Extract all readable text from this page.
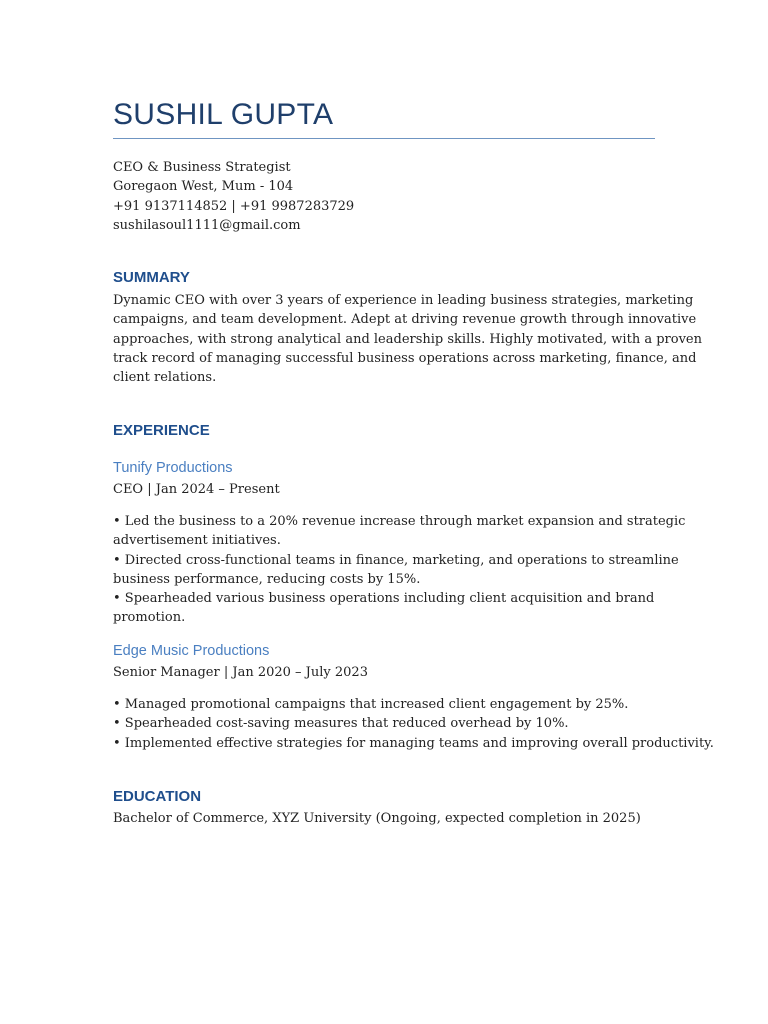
SUSHIL GUPTA
CEO & Business Strategist
Goregaon West, Mum - 104
+91 9137114852 | +91 9987283729
sushilasoul1111@gmail.com
SUMMARY
Dynamic CEO with over 3 years of experience in leading business strategies, marketing
campaigns, and team development. Adept at driving revenue growth through innovative
approaches, with strong analytical and leadership skills. Highly motivated, with a proven
track record of managing successful business operations across marketing, finance, and
client relations.
EXPERIENCE
Tunify Productions
CEO | Jan 2024 – Present
• Led the business to a 20% revenue increase through market expansion and strategic
advertisement initiatives.
• Directed cross-functional teams in finance, marketing, and operations to streamline
business performance, reducing costs by 15%.
• Spearheaded various business operations including client acquisition and brand
promotion.
Edge Music Productions
Senior Manager | Jan 2020 – July 2023
• Managed promotional campaigns that increased client engagement by 25%.
• Spearheaded cost-saving measures that reduced overhead by 10%.
• Implemented effective strategies for managing teams and improving overall productivity.
EDUCATION
Bachelor of Commerce, XYZ University (Ongoing, expected completion in 2025)
